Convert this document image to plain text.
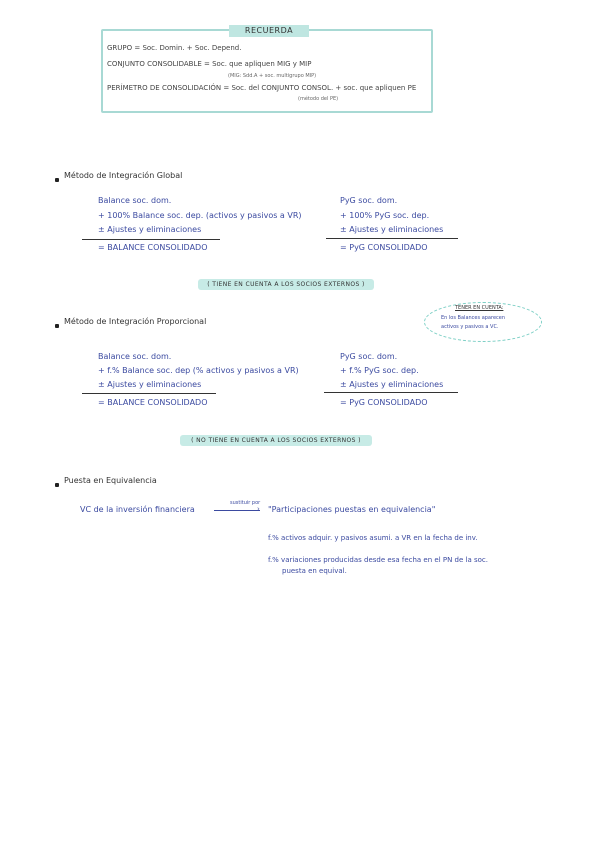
RECUERDA
GRUPO = Soc. Domin. + Soc. Depend.
CONJUNTO CONSOLIDABLE = Soc. que apliquen MIG y MIP
(MIG: Sdd.A + soc. multigrupo MIP)
PERÍMETRO DE CONSOLIDACIÓN = Soc. del CONJUNTO CONSOL. + soc. que apliquen PE
(método del PE)
Método de Integración Global
Balance soc. dom.
+ 100% Balance soc. dep. (activos y pasivos a VR)
± Ajustes y eliminaciones
= BALANCE CONSOLIDADO
PyG soc. dom.
+ 100% PyG soc. dep.
± Ajustes y eliminaciones
= PyG CONSOLIDADO
( TIENE EN CUENTA A LOS SOCIOS EXTERNOS )
Método de Integración Proporcional
TENER EN CUENTA:
En los Balances aparecen
activos y pasivos a VC.
Balance soc. dom.
+ f.% Balance soc. dep (% activos y pasivos a VR)
± Ajustes y eliminaciones
= BALANCE CONSOLIDADO
PyG soc. dom.
+ f.% PyG soc. dep.
± Ajustes y eliminaciones
= PyG CONSOLIDADO
( NO TIENE EN CUENTA A LOS SOCIOS EXTERNOS )
Puesta en Equivalencia
VC de la inversión financiera
sustituir por
› "Participaciones puestas en equivalencia"
f.% activos adquir. y pasivos asumi. a VR en la fecha de inv.
f.% variaciones producidas desde esa fecha en el PN de la soc.
puesta en equival.
